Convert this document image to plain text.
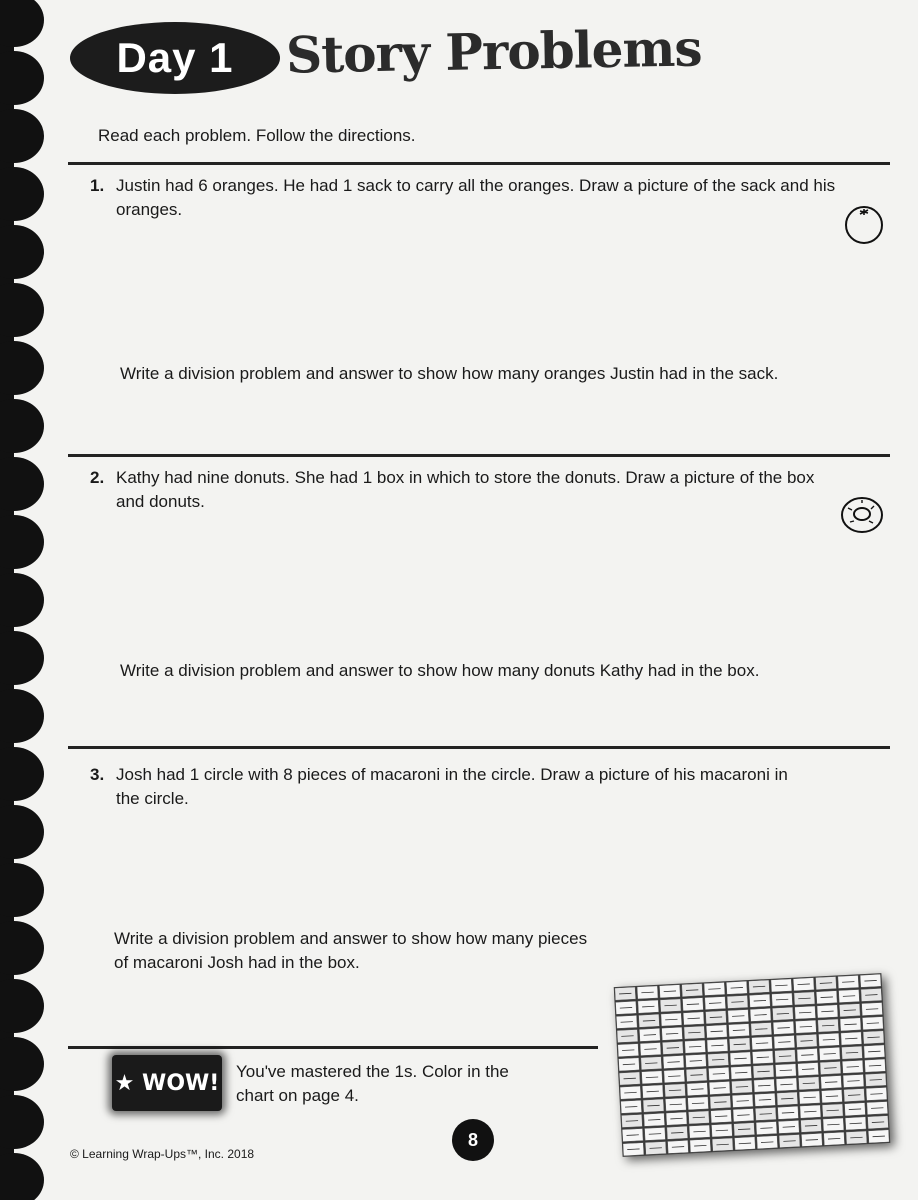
Day 1 Story Problems
Read each problem. Follow the directions.
1. Justin had 6 oranges. He had 1 sack to carry all the oranges. Draw a picture of the sack and his oranges.
Write a division problem and answer to show how many oranges Justin had in the sack.
2. Kathy had nine donuts. She had 1 box in which to store the donuts. Draw a picture of the box and donuts.
Write a division problem and answer to show how many donuts Kathy had in the box.
3. Josh had 1 circle with 8 pieces of macaroni in the circle. Draw a picture of his macaroni in the circle.
Write a division problem and answer to show how many pieces
of macaroni Josh had in the box.
★ WOW! You've mastered the 1s. Color in the chart on page 4.
8
© Learning Wrap-Ups™, Inc. 2018
